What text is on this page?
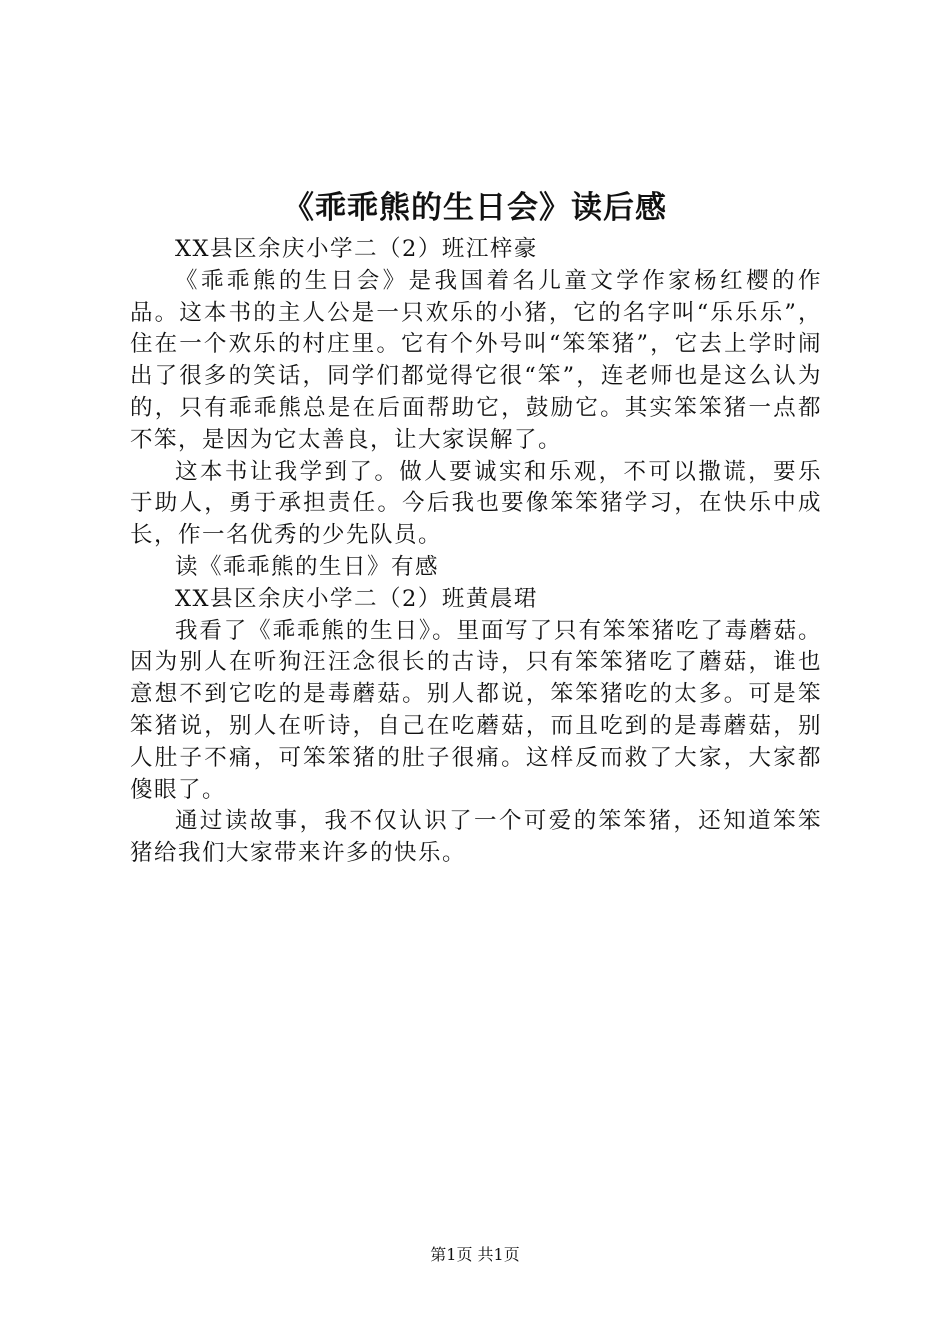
《乖乖熊的生日会》读后感

XX县区余庆小学二（2）班江梓豪

《乖乖熊的生日会》是我国着名儿童文学作家杨红樱的作品。这本书的主人公是一只欢乐的小猪，它的名字叫“乐乐乐”，住在一个欢乐的村庄里。它有个外号叫“笨笨猪”，它去上学时闹出了很多的笑话，同学们都觉得它很“笨”，连老师也是这么认为的，只有乖乖熊总是在后面帮助它，鼓励它。其实笨笨猪一点都不笨，是因为它太善良，让大家误解了。

这本书让我学到了。做人要诚实和乐观，不可以撒谎，要乐于助人，勇于承担责任。今后我也要像笨笨猪学习，在快乐中成长，作一名优秀的少先队员。

读《乖乖熊的生日》有感

XX县区余庆小学二（2）班黄晨珺

我看了《乖乖熊的生日》。里面写了只有笨笨猪吃了毒蘑菇。因为别人在听狗汪汪念很长的古诗，只有笨笨猪吃了蘑菇，谁也意想不到它吃的是毒蘑菇。别人都说，笨笨猪吃的太多。可是笨笨猪说，别人在听诗，自己在吃蘑菇，而且吃到的是毒蘑菇，别人肚子不痛，可笨笨猪的肚子很痛。这样反而救了大家，大家都傻眼了。

通过读故事，我不仅认识了一个可爱的笨笨猪，还知道笨笨猪给我们大家带来许多的快乐。

第1页 共1页
